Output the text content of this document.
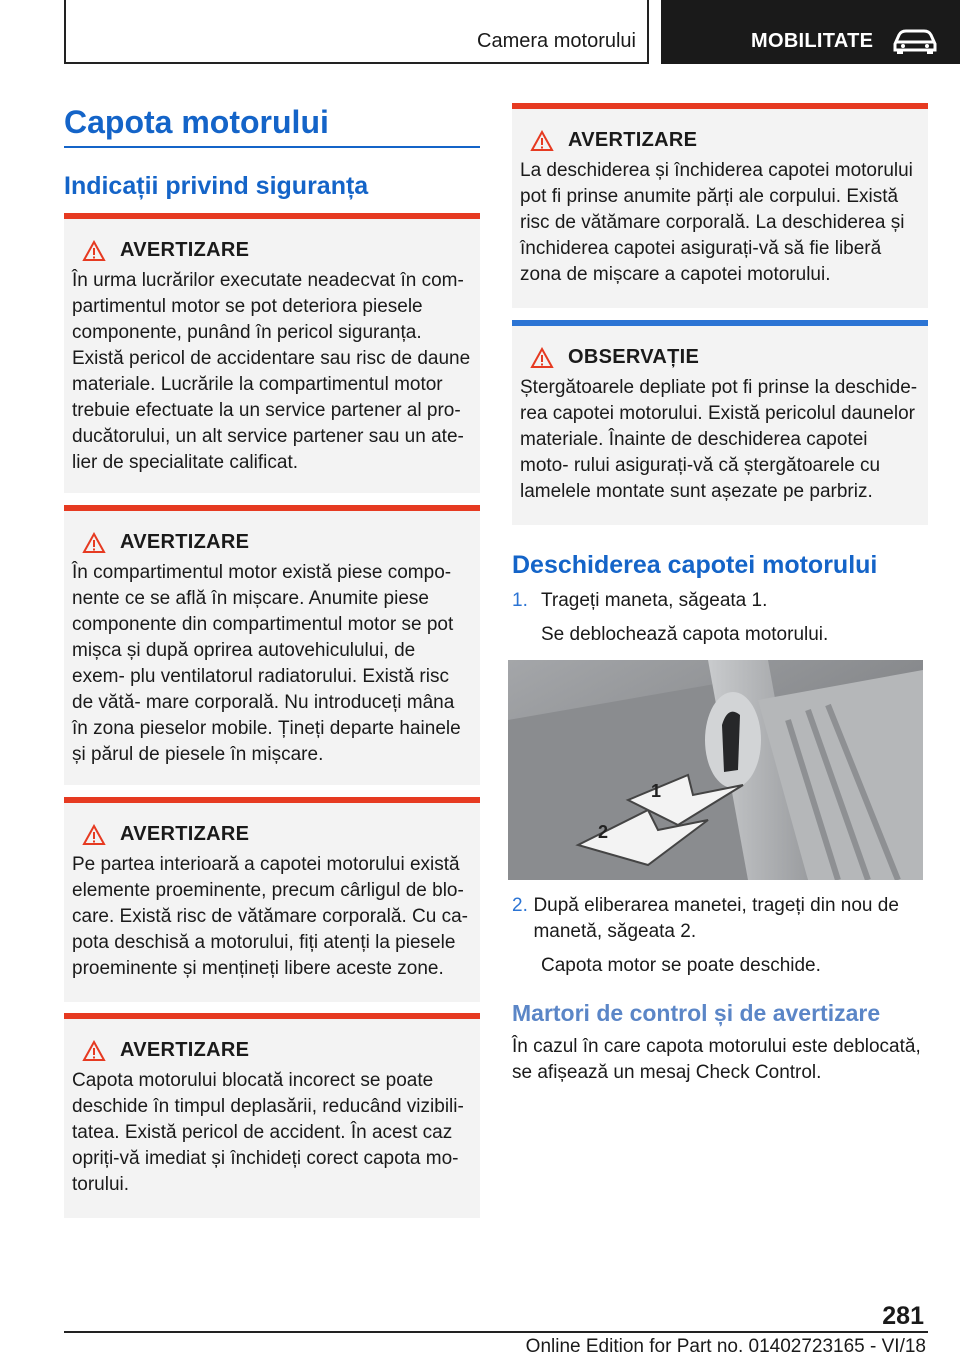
Camera motorului	MOBILITATE
Capota motorului
Indicații privind siguranța
AVERTIZARE
În urma lucrărilor executate neadecvat în com- partimentul motor se pot deteriora piesele componente, punând în pericol siguranța. Există pericol de accidentare sau risc de daune materiale. Lucrările la compartimentul motor trebuie efectuate la un service partener al pro- ducătorului, un alt service partener sau un ate- lier de specialitate calificat.
AVERTIZARE
În compartimentul motor există piese compo- nente ce se află în mișcare. Anumite piese componente din compartimentul motor se pot mișca și după oprirea autovehiculului, de exem- plu ventilatorul radiatorului. Există risc de vătă- mare corporală. Nu introduceți mâna în zona pieselor mobile. Țineți departe hainele și părul de piesele în mișcare.
AVERTIZARE
Pe partea interioară a capotei motorului există elemente proeminente, precum cârligul de blo- care. Există risc de vătămare corporală. Cu ca- pota deschisă a motorului, fiți atenți la piesele proeminente și mențineți libere aceste zone.
AVERTIZARE
Capota motorului blocată incorect se poate deschide în timpul deplasării, reducând vizibili- tatea. Există pericol de accident. În acest caz opriți-vă imediat și închideți corect capota mo- torului.
AVERTIZARE
La deschiderea și închiderea capotei motorului pot fi prinse anumite părți ale corpului. Există risc de vătămare corporală. La deschiderea și închiderea capotei asigurați-vă să fie liberă zona de mișcare a capotei motorului.
OBSERVAȚIE
Ștergătoarele depliate pot fi prinse la deschide- rea capotei motorului. Există pericolul daunelor materiale. Înainte de deschiderea capotei moto- rului asigurați-vă că ștergătoarele cu lamelele montate sunt așezate pe parbriz.
Deschiderea capotei motorului
1. Trageți maneta, săgeata 1.
Se deblochează capota motorului.
1
2
2. După eliberarea manetei, trageți din nou de manetă, săgeata 2.
Capota motor se poate deschide.
Martori de control și de avertizare
În cazul în care capota motorului este deblocată, se afișează un mesaj Check Control.
281
Online Edition for Part no. 01402723165 - VI/18
